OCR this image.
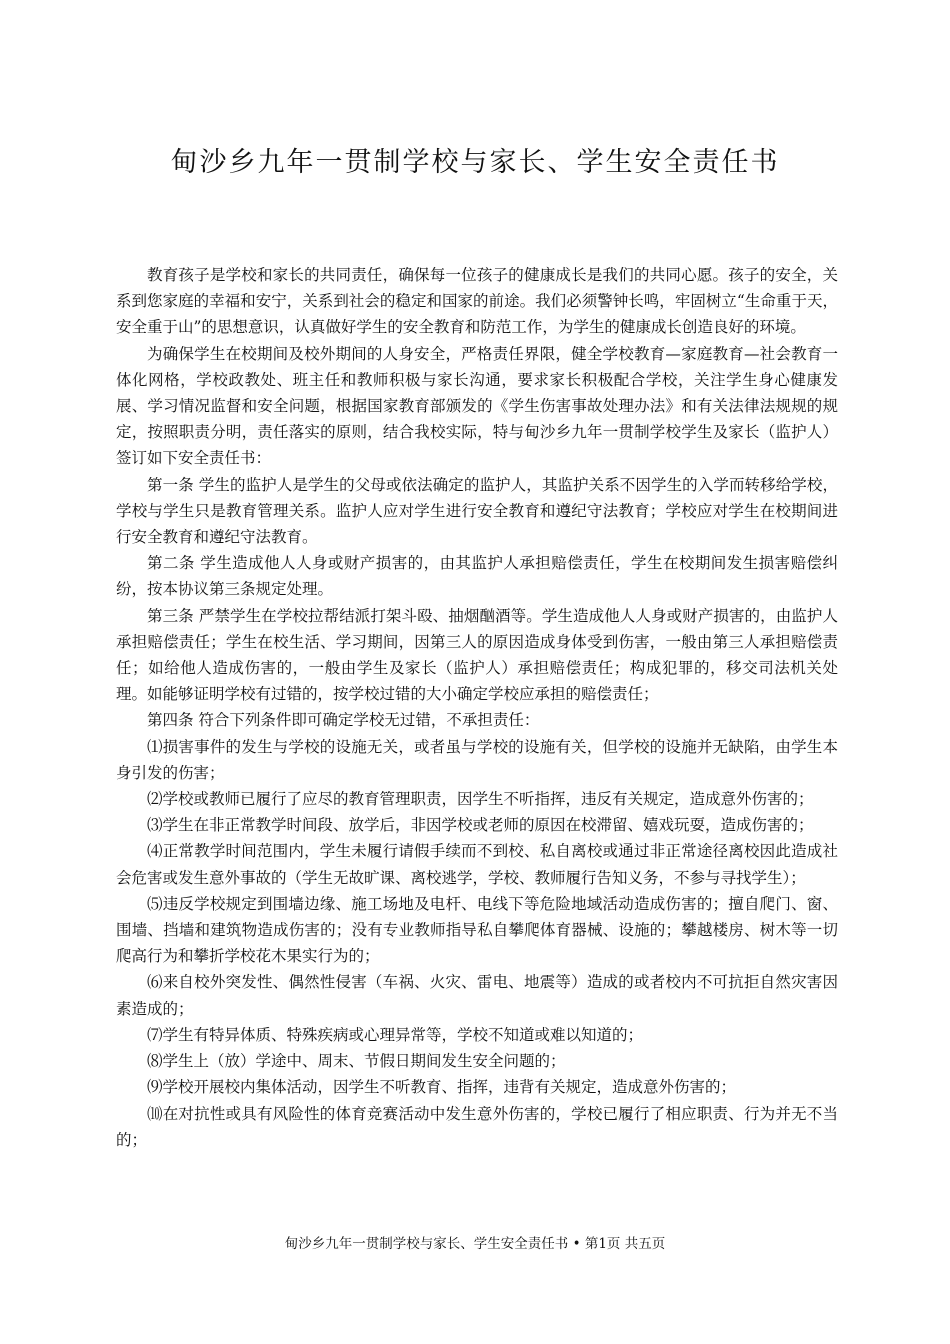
甸沙乡九年一贯制学校与家长、学生安全责任书

教育孩子是学校和家长的共同责任，确保每一位孩子的健康成长是我们的共同心愿。孩子的安全，关系到您家庭的幸福和安宁，关系到社会的稳定和国家的前途。我们必须警钟长鸣，牢固树立“生命重于天，安全重于山”的思想意识，认真做好学生的安全教育和防范工作，为学生的健康成长创造良好的环境。

为确保学生在校期间及校外期间的人身安全，严格责任界限，健全学校教育—家庭教育—社会教育一体化网格，学校政教处、班主任和教师积极与家长沟通，要求家长积极配合学校，关注学生身心健康发展、学习情况监督和安全问题，根据国家教育部颁发的《学生伤害事故处理办法》和有关法律法规规的规定，按照职责分明，责任落实的原则，结合我校实际，特与甸沙乡九年一贯制学校学生及家长（监护人）签订如下安全责任书：

第一条 学生的监护人是学生的父母或依法确定的监护人，其监护关系不因学生的入学而转移给学校，学校与学生只是教育管理关系。监护人应对学生进行安全教育和遵纪守法教育；学校应对学生在校期间进行安全教育和遵纪守法教育。

第二条 学生造成他人人身或财产损害的，由其监护人承担赔偿责任，学生在校期间发生损害赔偿纠纷，按本协议第三条规定处理。

第三条 严禁学生在学校拉帮结派打架斗殴、抽烟酗酒等。学生造成他人人身或财产损害的，由监护人承担赔偿责任；学生在校生活、学习期间，因第三人的原因造成身体受到伤害，一般由第三人承担赔偿责任；如给他人造成伤害的，一般由学生及家长（监护人）承担赔偿责任；构成犯罪的，移交司法机关处理。如能够证明学校有过错的，按学校过错的大小确定学校应承担的赔偿责任；

第四条 符合下列条件即可确定学校无过错，不承担责任：

⑴损害事件的发生与学校的设施无关，或者虽与学校的设施有关，但学校的设施并无缺陷，由学生本身引发的伤害；

⑵学校或教师已履行了应尽的教育管理职责，因学生不听指挥，违反有关规定，造成意外伤害的；

⑶学生在非正常教学时间段、放学后，非因学校或老师的原因在校滞留、嬉戏玩耍，造成伤害的；

⑷正常教学时间范围内，学生未履行请假手续而不到校、私自离校或通过非正常途径离校因此造成社会危害或发生意外事故的（学生无故旷课、离校逃学，学校、教师履行告知义务，不参与寻找学生）；

⑸违反学校规定到围墙边缘、施工场地及电杆、电线下等危险地域活动造成伤害的；擅自爬门、窗、围墙、挡墙和建筑物造成伤害的；没有专业教师指导私自攀爬体育器械、设施的；攀越楼房、树木等一切爬高行为和攀折学校花木果实行为的；

⑹来自校外突发性、偶然性侵害（车祸、火灾、雷电、地震等）造成的或者校内不可抗拒自然灾害因素造成的；

⑺学生有特异体质、特殊疾病或心理异常等，学校不知道或难以知道的；

⑻学生上（放）学途中、周末、节假日期间发生安全问题的；

⑼学校开展校内集体活动，因学生不听教育、指挥，违背有关规定，造成意外伤害的；

⑽在对抗性或具有风险性的体育竞赛活动中发生意外伤害的，学校已履行了相应职责、行为并无不当的；

甸沙乡九年一贯制学校与家长、学生安全责任书 • 第1页 共五页
